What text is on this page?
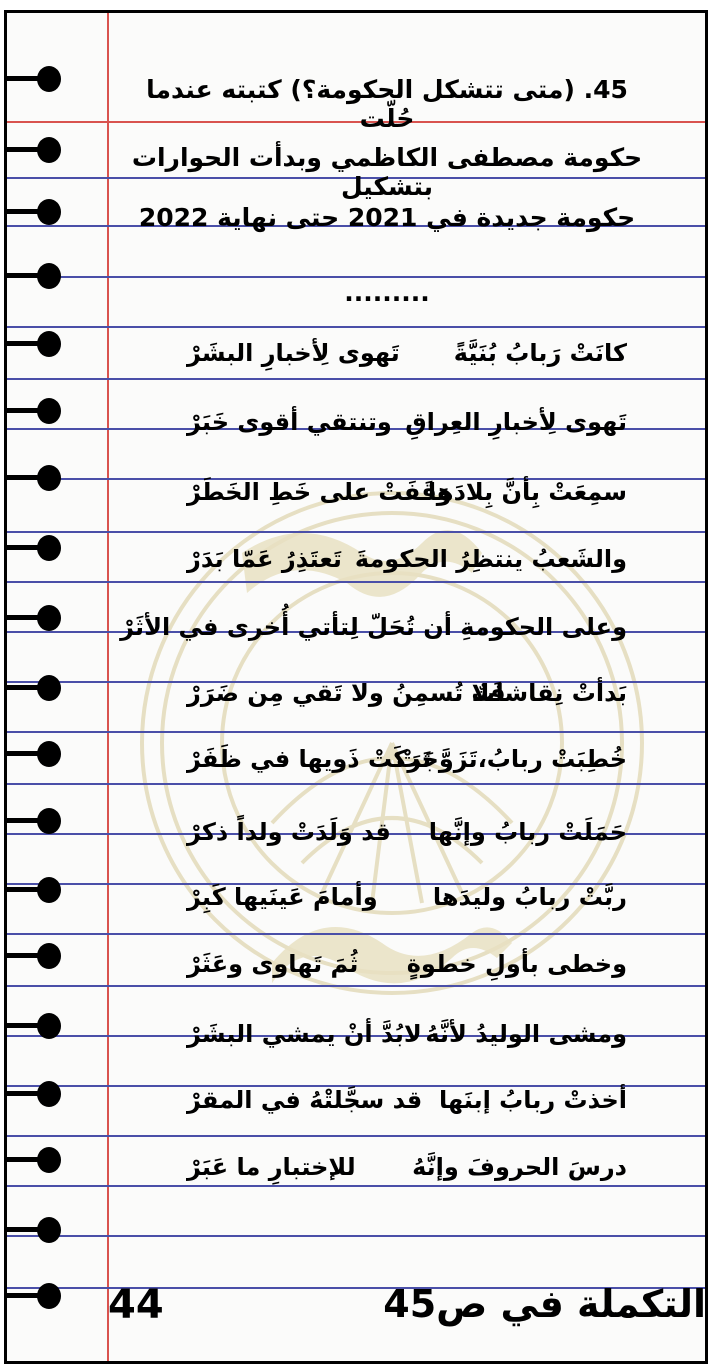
45. (متى تتشكل الحكومة؟) كتبته عندما حُلّت
حكومة مصطفى الكاظمي وبدأت الحوارات بتشكيل
حكومة جديدة في 2021 حتى نهاية 2022
.........
كانَتْ رَبابُ بُنَيَّةً
تَهوى لِأخبارِ البشَرْ
تَهوى لِأخبارِ العِراقِ
وتنتقي أقوى خَبَرْ
سمِعَتْ بِأنَّ بِلادَها
وَقَفَتْ على خَطِ الخَطَرْ
والشَعبُ ينتظِرُ الحكومةَ
تَعتَذِرُ عَمّا بَدَرْ
وعلى الحكومةِ أن تُحَلّ لِتأتي أُخرى في الأثَرْ
بَدأتْ نِقاشاتٌ
فَلا تُسمِنُ ولا تَقي مِن ضَرَرْ
خُطِبَتْ ربابُ،تَزَوَّجَتْ
تَرَكَتْ ذَويها في ظَفَرْ
حَمَلَتْ ربابُ وإنَّها
قد وَلَدَتْ ولداً ذكرْ
ربَّتْ ربابُ وليدَها
وأمامَ عَينَيها كَبِرْ
وخطى بأولِ خطوةٍ
ثُمَ تَهاوى وعَثَرْ
ومشى الوليدُ لأنَّهُ
لابُدَّ أنْ يمشي البشَرْ
أخذتْ ربابُ إبنَها
قد سجَّلتْهُ في المقرْ
درسَ الحروفَ وإنَّهُ
للإختبارِ ما عَبَرْ
44	التكملة في ص45
